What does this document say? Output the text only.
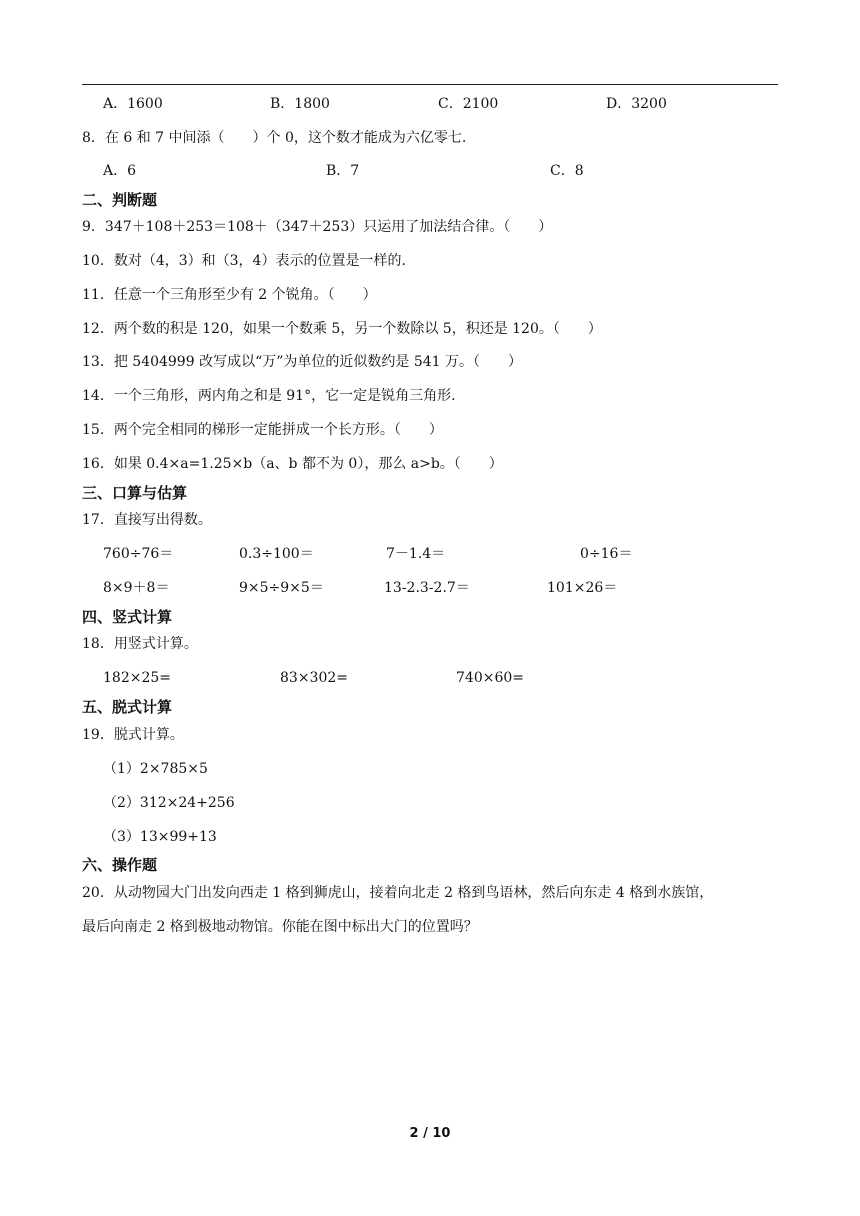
A．1600	B．1800	C．2100	D．3200
8．在 6 和 7 中间添（　　）个 0，这个数才能成为六亿零七.
A．6	B．7	C．8
二、判断题
9．347＋108＋253＝108＋（347＋253）只运用了加法结合律。（　　）
10．数对（4，3）和（3，4）表示的位置是一样的.
11．任意一个三角形至少有 2 个锐角。（　　）
12．两个数的积是 120，如果一个数乘 5，另一个数除以 5，积还是 120。（　　）
13．把 5404999 改写成以“万”为单位的近似数约是 541 万。（　　）
14．一个三角形，两内角之和是 91°，它一定是锐角三角形.
15．两个完全相同的梯形一定能拼成一个长方形。（　　）
16．如果 0.4×a=1.25×b（a、b 都不为 0），那么 a>b。（　　）
三、口算与估算
17．直接写出得数。
760÷76＝	0.3÷100＝	7－1.4＝	0÷16＝
8×9＋8＝	9×5÷9×5＝	13-2.3-2.7＝	101×26＝
四、竖式计算
18．用竖式计算。
182×25=	83×302=	740×60=
五、脱式计算
19．脱式计算。
（1）2×785×5
（2）312×24+256
（3）13×99+13
六、操作题
20．从动物园大门出发向西走 1 格到狮虎山，接着向北走 2 格到鸟语林，然后向东走 4 格到水族馆，
最后向南走 2 格到极地动物馆。你能在图中标出大门的位置吗？
2 / 10
